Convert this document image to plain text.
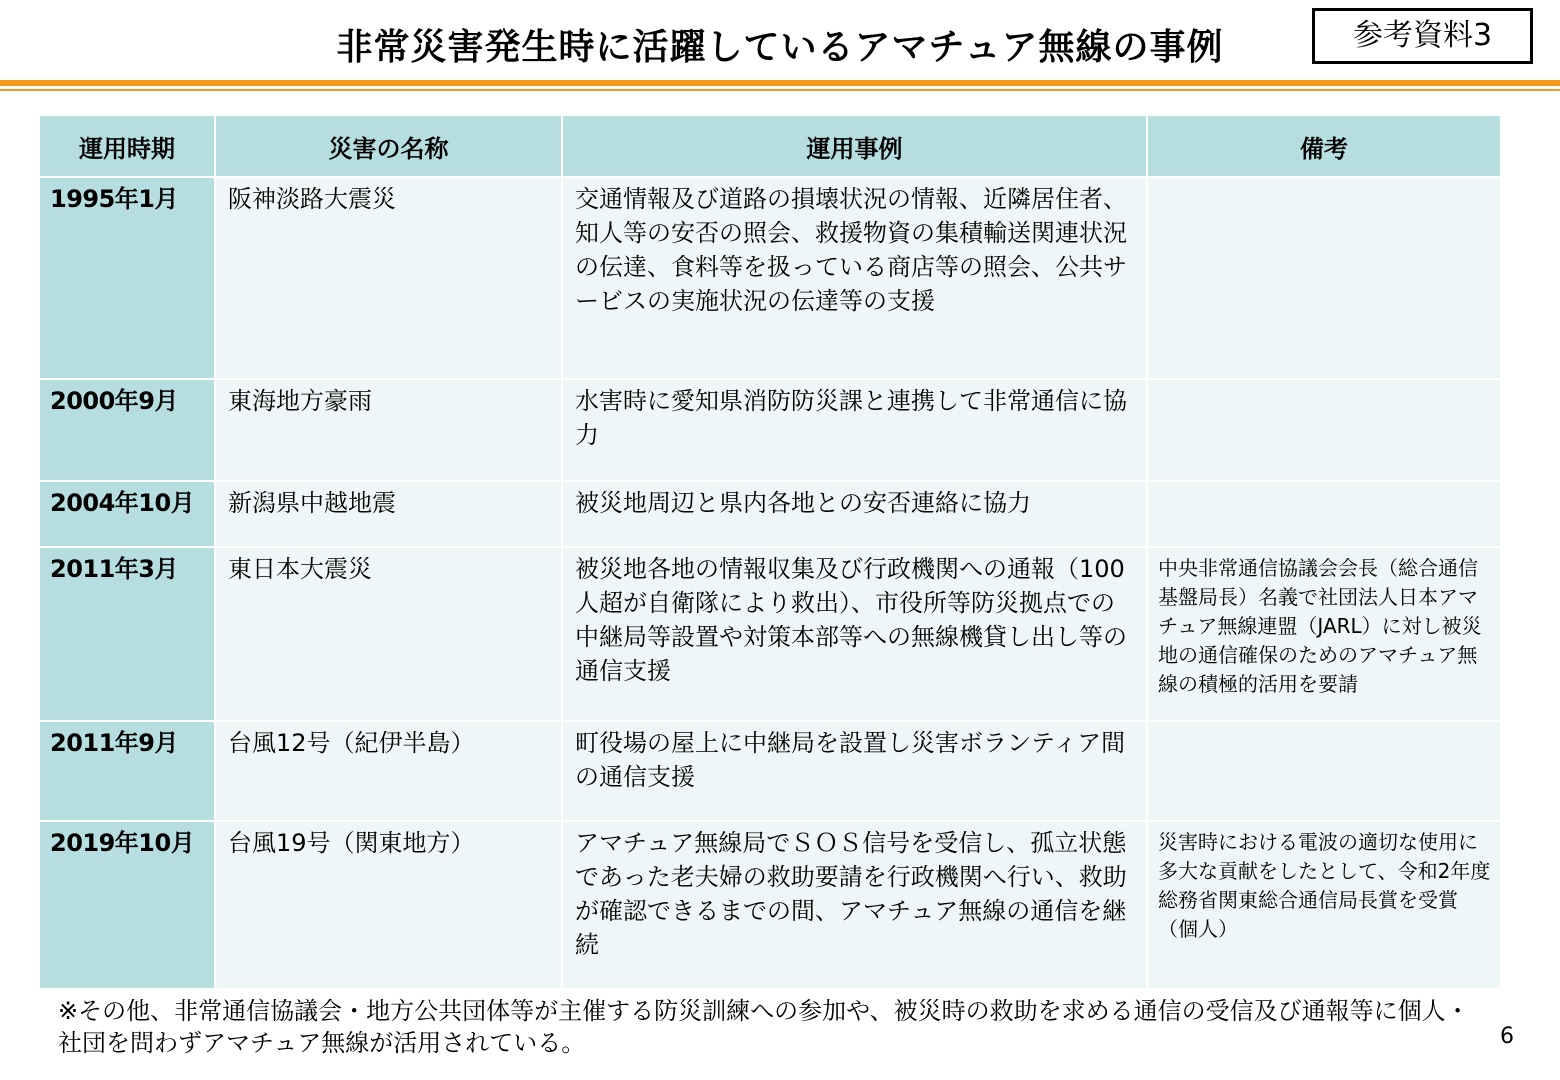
非常災害発生時に活躍しているアマチュア無線の事例	参考資料3
運用時期	災害の名称	運用事例	備考
1995年1月	阪神淡路大震災	交通情報及び道路の損壊状況の情報、近隣居住者、知人等の安否の照会、救援物資の集積輸送関連状況の伝達、食料等を扱っている商店等の照会、公共サービスの実施状況の伝達等の支援	
2000年9月	東海地方豪雨	水害時に愛知県消防防災課と連携して非常通信に協力	
2004年10月	新潟県中越地震	被災地周辺と県内各地との安否連絡に協力	
2011年3月	東日本大震災	被災地各地の情報収集及び行政機関への通報（100人超が自衛隊により救出）、市役所等防災拠点での中継局等設置や対策本部等への無線機貸し出し等の通信支援	中央非常通信協議会会長（総合通信基盤局長）名義で社団法人日本アマチュア無線連盟（JARL）に対し被災地の通信確保のためのアマチュア無線の積極的活用を要請
2011年9月	台風12号（紀伊半島）	町役場の屋上に中継局を設置し災害ボランティア間の通信支援	
2019年10月	台風19号（関東地方）	アマチュア無線局でＳＯＳ信号を受信し、孤立状態であった老夫婦の救助要請を行政機関へ行い、救助が確認できるまでの間、アマチュア無線の通信を継続	災害時における電波の適切な使用に多大な貢献をしたとして、令和2年度総務省関東総合通信局長賞を受賞（個人）
※その他、非常通信協議会・地方公共団体等が主催する防災訓練への参加や、被災時の救助を求める通信の受信及び通報等に個人・社団を問わずアマチュア無線が活用されている。	6
